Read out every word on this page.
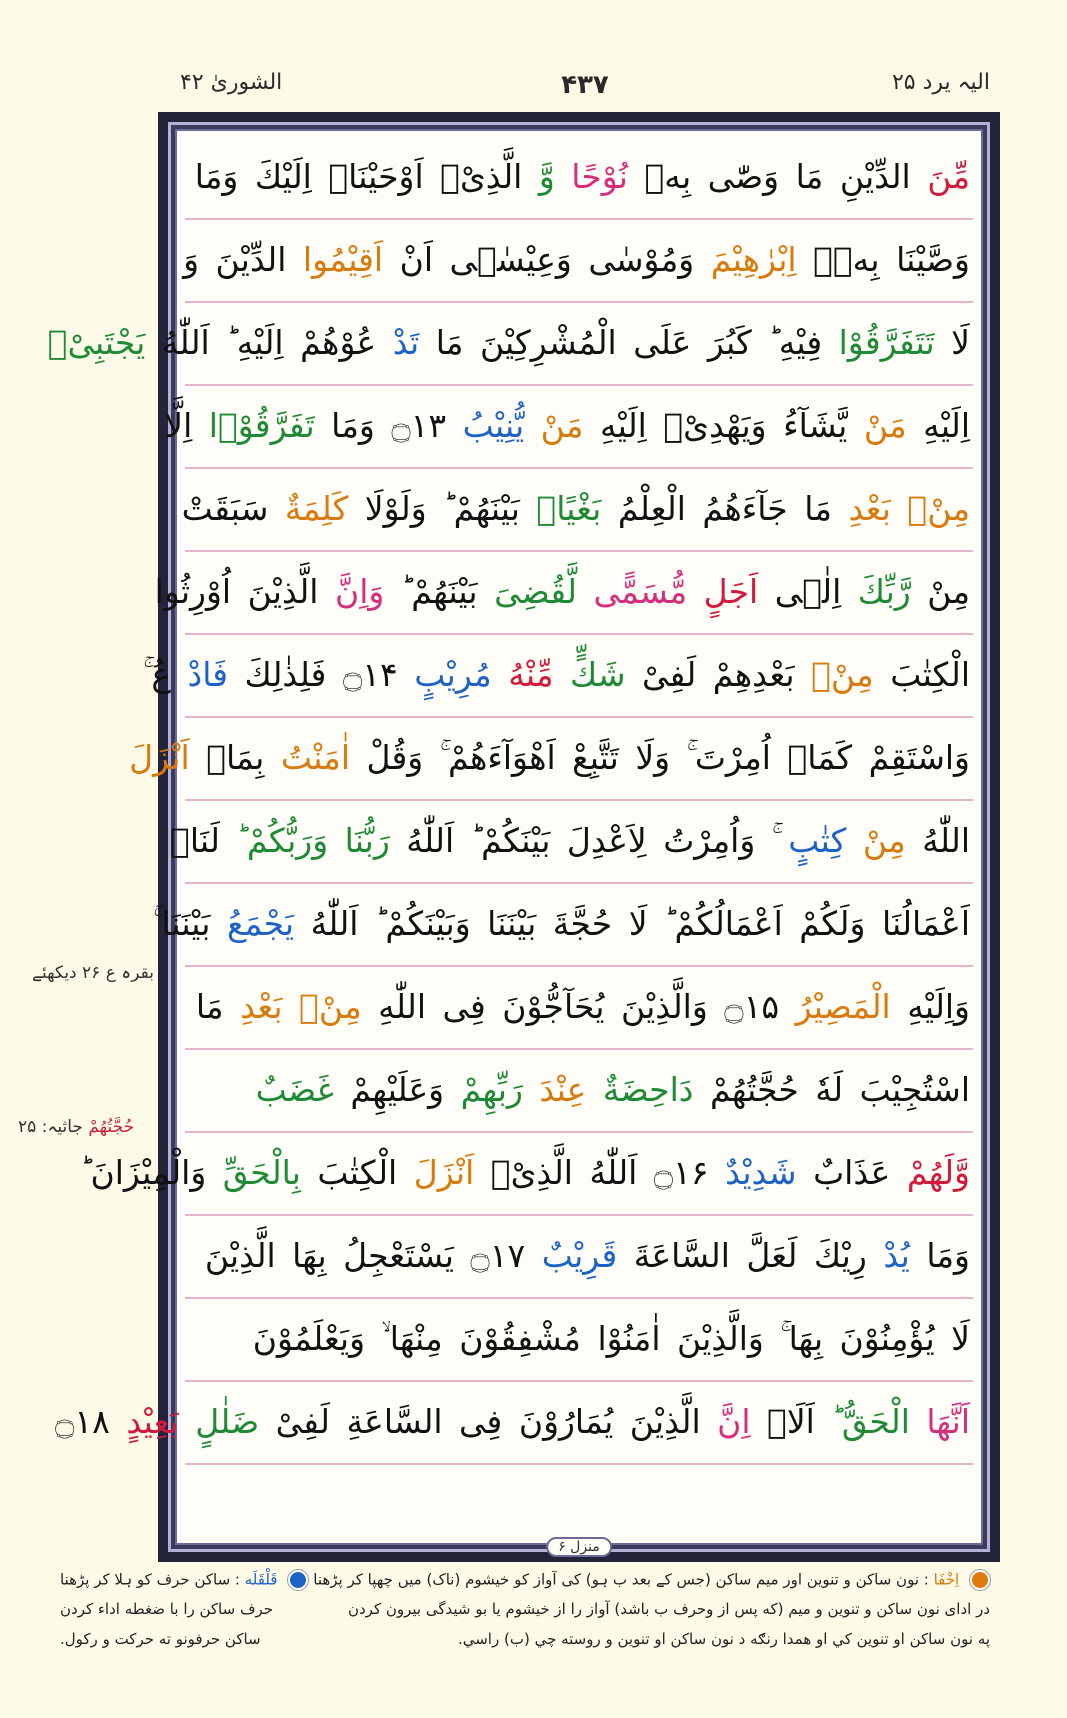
الیہ یرد ۲۵
۴۳۷
الشوریٰ ۴۲
منزل ۶
مِّنَ الدِّیْنِ مَا وَصّٰی بِهٖ نُوْحًا وَّ الَّذِیْۤ اَوْحَیْنَاۤ اِلَیْكَ وَمَا
وَصَّیْنَا بِهٖۤ اِبْرٰهِیْمَ وَمُوْسٰی وَعِیْسٰۤی اَنْ اَقِیْمُوا الدِّیْنَ وَ
لَا تَتَفَرَّقُوْا فِیْهِ ؕ كَبُرَ عَلَی الْمُشْرِكِیْنَ مَا تَدْ عُوْهُمْ اِلَیْهِ ؕ اَللّٰهُ یَجْتَبِیْۤ
اِلَیْهِ مَنْ یَّشَآءُ وَیَهْدِیْۤ اِلَیْهِ مَنْ یُّنِیْبُ ۝۱۳ وَمَا تَفَرَّقُوْۤا اِلَّا
مِنْۢ بَعْدِ مَا جَآءَهُمُ الْعِلْمُ بَغْیًاۢ بَیْنَهُمْ ؕ وَلَوْلَا كَلِمَةٌ سَبَقَتْ
مِنْ رَّبِّكَ اِلٰۤی اَجَلٍ مُّسَمًّی لَّقُضِیَ بَیْنَهُمْ ؕ وَاِنَّ الَّذِیْنَ اُوْرِثُوا
الْكِتٰبَ مِنْۢ بَعْدِهِمْ لَفِیْ شَكٍّ مِّنْهُ مُرِیْبٍ ۝۱۴ فَلِذٰلِكَ فَادْ عُ ۚ
وَاسْتَقِمْ كَمَاۤ اُمِرْتَ ۚ وَلَا تَتَّبِعْ اَهْوَآءَهُمْ ۚ وَقُلْ اٰمَنْتُ بِمَاۤ اَنْزَلَ
اللّٰهُ مِنْ كِتٰبٍ وَاُمِرْتُ لِاَعْدِلَ بَیْنَكُمْ ؕ اَللّٰهُ رَبُّنَا وَرَبُّكُمْ ؕ لَنَاۤ
اَعْمَالُنَا وَلَكُمْ اَعْمَالُكُمْ ؕ لَا حُجَّةَ بَیْنَنَا وَبَیْنَكُمْ ؕ اَللّٰهُ یَجْمَعُ بَیْنَنَا ۚ
وَاِلَیْهِ الْمَصِیْرُ ۝۱۵ وَالَّذِیْنَ یُحَآجُّوْنَ فِی اللّٰهِ مِنْۢ بَعْدِ مَا
اسْتُجِیْبَ لَهٗ حُجَّتُهُمْ دَاحِضَةٌ عِنْدَ رَبِّهِمْ وَعَلَیْهِمْ غَضَبٌ
وَّلَهُمْ عَذَابٌ شَدِیْدٌ ۝۱۶ اَللّٰهُ الَّذِیْۤ اَنْزَلَ الْكِتٰبَ بِالْحَقِّ وَالْمِیْزَانَ ؕ
وَمَا یُدْ رِیْكَ لَعَلَّ السَّاعَةَ قَرِیْبٌ ۝۱۷ یَسْتَعْجِلُ بِهَا الَّذِیْنَ
لَا یُؤْمِنُوْنَ بِهَا ۚ وَالَّذِیْنَ اٰمَنُوْا مُشْفِقُوْنَ مِنْهَا ۙ وَیَعْلَمُوْنَ
اَنَّهَا الْحَقُّ ؕ اَلَاۤ اِنَّ الَّذِیْنَ یُمَارُوْنَ فِی السَّاعَةِ لَفِیْ ضَلٰلٍ بَعِیْدٍ ۝۱۸
بقرہ ع ۲۶ دیکھئے
حُجَّتُهُمْ جاثیہ: ۲۵
اِخْفَا : نون ساکن و تنوین اور میم ساکن (جس کے بعد ب ہو) کی آواز کو خیشوم (ناک) میں چھپا کر پڑھنا
در ادای نون ساکن و تنوین و میم (که پس از وحرف ب باشد) آواز را از خیشوم یا بو شیدگی بیرون کردن
په نون ساکن او تنوین کي او همدا رنګه د نون ساکن او تنوین و روسته چي (ب) راسي.
قَلْقَلَه : ساکن حرف کو ہلا کر پڑھنا
حرف ساکن را با ضغطه اداء کردن
ساکن حرفونو ته حرکت و رکول.
